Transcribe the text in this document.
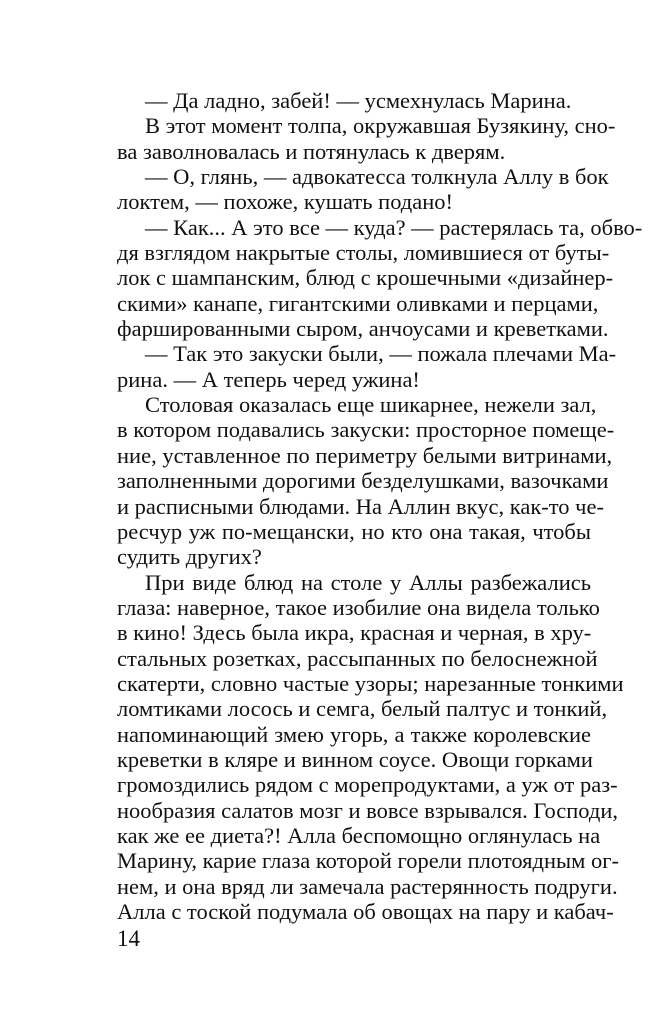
— Да ладно, забей! — усмехнулась Марина.
В этот момент толпа, окружавшая Бузякину, сно-
ва заволновалась и потянулась к дверям.
— О, глянь, — адвокатесса толкнула Аллу в бок
локтем, — похоже, кушать подано!
— Как... А это все — куда? — растерялась та, обво-
дя взглядом накрытые столы, ломившиеся от буты-
лок с шампанским, блюд с крошечными «дизайнер-
скими» канапе, гигантскими оливками и перцами,
фаршированными сыром, анчоусами и креветками.
— Так это закуски были, — пожала плечами Ма-
рина. — А теперь черед ужина!
Столовая оказалась еще шикарнее, нежели зал,
в котором подавались закуски: просторное помеще-
ние, уставленное по периметру белыми витринами,
заполненными дорогими безделушками, вазочками
и расписными блюдами. На Аллин вкус, как-то че-
ресчур уж по-мещански, но кто она такая, чтобы
судить других?
При виде блюд на столе у Аллы разбежались
глаза: наверное, такое изобилие она видела только
в кино! Здесь была икра, красная и черная, в хру-
стальных розетках, рассыпанных по белоснежной
скатерти, словно частые узоры; нарезанные тонкими
ломтиками лосось и семга, белый палтус и тонкий,
напоминающий змею угорь, а также королевские
креветки в кляре и винном соусе. Овощи горками
громоздились рядом с морепродуктами, а уж от раз-
нообразия салатов мозг и вовсе взрывался. Господи,
как же ее диета?! Алла беспомощно оглянулась на
Марину, карие глаза которой горели плотоядным ог-
нем, и она вряд ли замечала растерянность подруги.
Алла с тоской подумала об овощах на пару и кабач-
14
